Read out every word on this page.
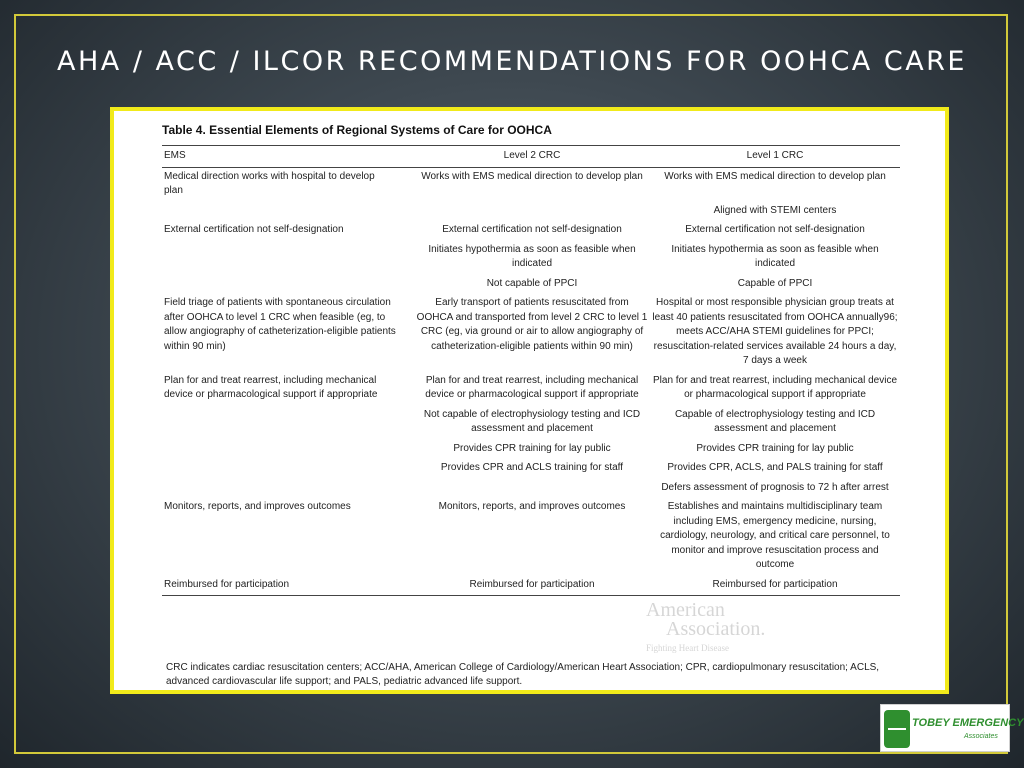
AHA / ACC / ILCOR RECOMMENDATIONS FOR OOHCA CARE
American
Association.
Fighting Heart Disease
Table 4. Essential Elements of Regional Systems of Care for OOHCA
EMS	Level 2 CRC	Level 1 CRC
Medical direction works with hospital to develop plan	Works with EMS medical direction to develop plan	Works with EMS medical direction to develop plan
		Aligned with STEMI centers
External certification not self-designation	External certification not self-designation	External certification not self-designation
	Initiates hypothermia as soon as feasible when indicated	Initiates hypothermia as soon as feasible when indicated
	Not capable of PPCI	Capable of PPCI
Field triage of patients with spontaneous circulation after OOHCA to level 1 CRC when feasible (eg, to allow angiography of catheterization-eligible patients within 90 min)	Early transport of patients resuscitated from OOHCA and transported from level 2 CRC to level 1 CRC (eg, via ground or air to allow angiography of catheterization-eligible patients within 90 min)	Hospital or most responsible physician group treats at least 40 patients resuscitated from OOHCA annually96; meets ACC/AHA STEMI guidelines for PPCI; resuscitation-related services available 24 hours a day, 7 days a week
Plan for and treat rearrest, including mechanical device or pharmacological support if appropriate	Plan for and treat rearrest, including mechanical device or pharmacological support if appropriate	Plan for and treat rearrest, including mechanical device or pharmacological support if appropriate
	Not capable of electrophysiology testing and ICD assessment and placement	Capable of electrophysiology testing and ICD assessment and placement
	Provides CPR training for lay public	Provides CPR training for lay public
	Provides CPR and ACLS training for staff	Provides CPR, ACLS, and PALS training for staff
		Defers assessment of prognosis to 72 h after arrest
Monitors, reports, and improves outcomes	Monitors, reports, and improves outcomes	Establishes and maintains multidisciplinary team including EMS, emergency medicine, nursing, cardiology, neurology, and critical care personnel, to monitor and improve resuscitation process and outcome
Reimbursed for participation	Reimbursed for participation	Reimbursed for participation
CRC indicates cardiac resuscitation centers; ACC/AHA, American College of Cardiology/American Heart Association; CPR, cardiopulmonary resuscitation; ACLS, advanced cardiovascular life support; and PALS, pediatric advanced life support.
TOBEY EMERGENCY
Associates
